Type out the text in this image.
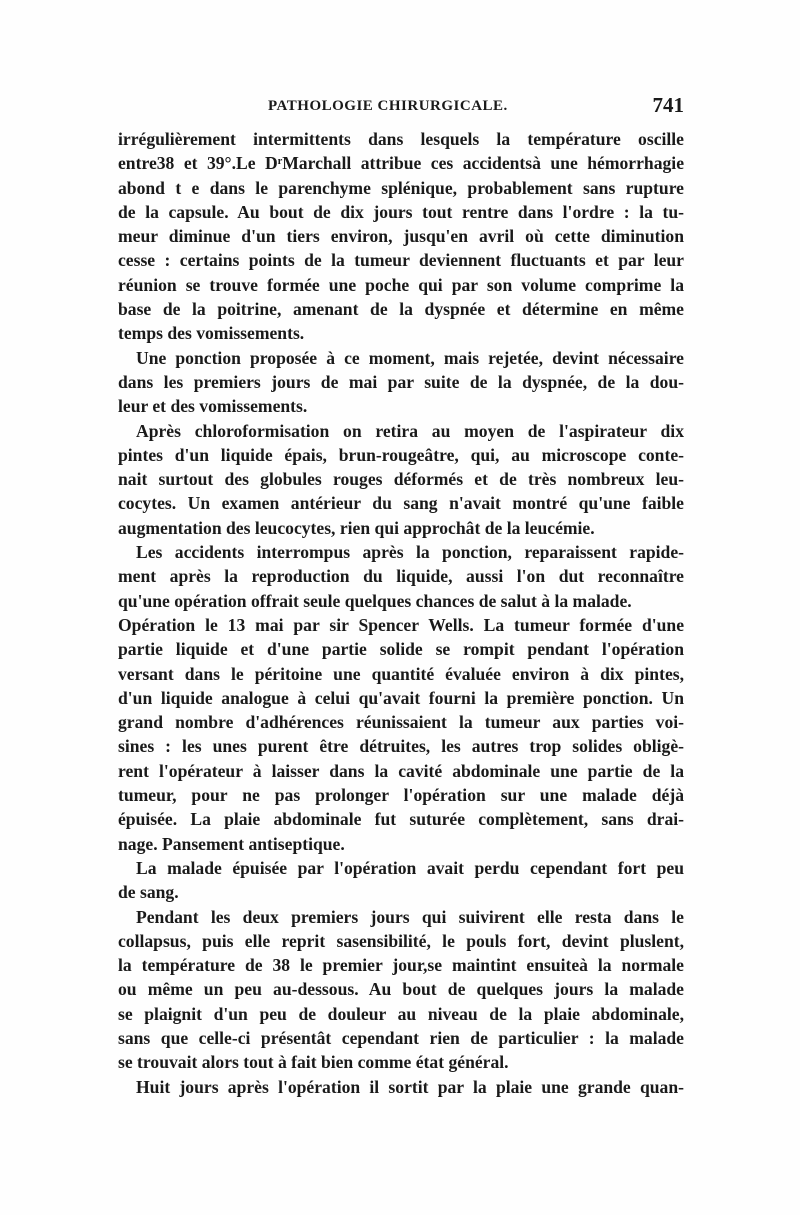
PATHOLOGIE CHIRURGICALE.	741
irrégulièrement intermittents dans lesquels la température oscille
entre38 et 39°.Le DʳMarchall attribue ces accidentsà une hémorrhagie
abond t e dans le parenchyme splénique, probablement sans rupture
de la capsule. Au bout de dix jours tout rentre dans l'ordre : la tu-
meur diminue d'un tiers environ, jusqu'en avril où cette diminution
cesse : certains points de la tumeur deviennent fluctuants et par leur
réunion se trouve formée une poche qui par son volume comprime la
base de la poitrine, amenant de la dyspnée et détermine en même
temps des vomissements.
Une ponction proposée à ce moment, mais rejetée, devint nécessaire
dans les premiers jours de mai par suite de la dyspnée, de la dou-
leur et des vomissements.
Après chloroformisation on retira au moyen de l'aspirateur dix
pintes d'un liquide épais, brun-rougeâtre, qui, au microscope conte-
nait surtout des globules rouges déformés et de très nombreux leu-
cocytes. Un examen antérieur du sang n'avait montré qu'une faible
augmentation des leucocytes, rien qui approchât de la leucémie.
Les accidents interrompus après la ponction, reparaissent rapide-
ment après la reproduction du liquide, aussi l'on dut reconnaître
qu'une opération offrait seule quelques chances de salut à la malade.
Opération le 13 mai par sir Spencer Wells. La tumeur formée d'une
partie liquide et d'une partie solide se rompit pendant l'opération
versant dans le péritoine une quantité évaluée environ à dix pintes,
d'un liquide analogue à celui qu'avait fourni la première ponction. Un
grand nombre d'adhérences réunissaient la tumeur aux parties voi-
sines : les unes purent être détruites, les autres trop solides obligè-
rent l'opérateur à laisser dans la cavité abdominale une partie de la
tumeur, pour ne pas prolonger l'opération sur une malade déjà
épuisée. La plaie abdominale fut suturée complètement, sans drai-
nage. Pansement antiseptique.
La malade épuisée par l'opération avait perdu cependant fort peu
de sang.
Pendant les deux premiers jours qui suivirent elle resta dans le
collapsus, puis elle reprit sasensibilité, le pouls fort, devint pluslent,
la température de 38 le premier jour,se maintint ensuiteà la normale
ou même un peu au-dessous. Au bout de quelques jours la malade
se plaignit d'un peu de douleur au niveau de la plaie abdominale,
sans que celle-ci présentât cependant rien de particulier : la malade
se trouvait alors tout à fait bien comme état général.
Huit jours après l'opération il sortit par la plaie une grande quan-
